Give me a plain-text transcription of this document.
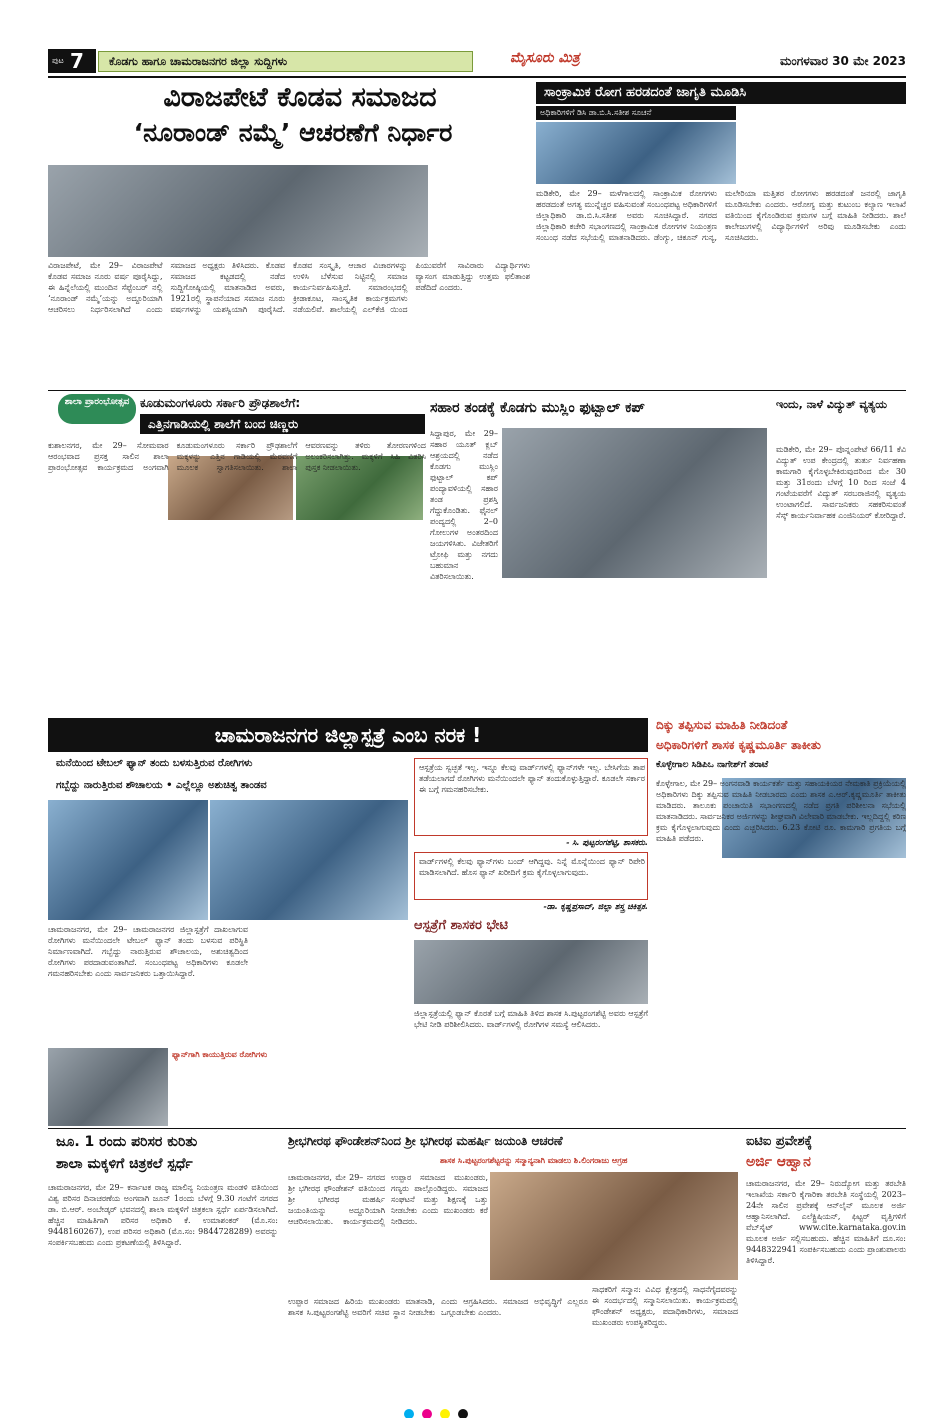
ಪುಟ 7 ಕೊಡಗು ಹಾಗೂ ಚಾಮರಾಜನಗರ ಜಿಲ್ಲಾ ಸುದ್ದಿಗಳು	ಮೈಸೂರು ಮಿತ್ರ	ಮಂಗಳವಾರ 30 ಮೇ 2023
ವಿರಾಜಪೇಟೆ ಕೊಡವ ಸಮಾಜದ
‘ನೂರಾಂಡ್ ನಮ್ಮೆ’ ಆಚರಣೆಗೆ ನಿರ್ಧಾರ
ವಿರಾಜಪೇಟೆ, ಮೇ 29– ವಿರಾಜಪೇಟೆ ಕೊಡವ ಸಮಾಜ ನೂರು ವರ್ಷ ಪೂರೈಸಿದ್ದು, ಈ ಹಿನ್ನೆಲೆಯಲ್ಲಿ ಮುಂದಿನ ಸೆಪ್ಟೆಂಬರ್ ನಲ್ಲಿ ‘ನೂರಾಂಡ್ ನಮ್ಮೆ’ಯನ್ನು ಅದ್ದೂರಿಯಾಗಿ ಆಚರಿಸಲು ನಿರ್ಧರಿಸಲಾಗಿದೆ ಎಂದು ಸಮಾಜದ ಅಧ್ಯಕ್ಷರು ತಿಳಿಸಿದರು. ಕೊಡವ ಸಮಾಜದ ಕಟ್ಟಡದಲ್ಲಿ ನಡೆದ ಸುದ್ದಿಗೋಷ್ಠಿಯಲ್ಲಿ ಮಾತನಾಡಿದ ಅವರು, 1921ರಲ್ಲಿ ಸ್ಥಾಪನೆಯಾದ ಸಮಾಜ ನೂರು ವರ್ಷಗಳನ್ನು ಯಶಸ್ವಿಯಾಗಿ ಪೂರೈಸಿದೆ. ಕೊಡವ ಸಂಸ್ಕೃತಿ, ಆಚಾರ ವಿಚಾರಗಳನ್ನು ಉಳಿಸಿ ಬೆಳೆಸುವ ನಿಟ್ಟಿನಲ್ಲಿ ಸಮಾಜ ಕಾರ್ಯನಿರ್ವಹಿಸುತ್ತಿದೆ. ಸಮಾರಂಭದಲ್ಲಿ ಕ್ರೀಡಾಕೂಟ, ಸಾಂಸ್ಕೃತಿಕ ಕಾರ್ಯಕ್ರಮಗಳು ನಡೆಯಲಿವೆ. ಶಾಲೆಯಲ್ಲಿ ಎಲ್‌ಕೆಜಿ ಯಿಂದ ಪಿಯುವರೆಗೆ ಸಾವಿರಾರು ವಿದ್ಯಾರ್ಥಿಗಳು ವ್ಯಾಸಂಗ ಮಾಡುತ್ತಿದ್ದು ಉತ್ತಮ ಫಲಿತಾಂಶ ಪಡೆದಿದೆ ಎಂದರು.
ಸಾಂಕ್ರಾಮಿಕ ರೋಗ ಹರಡದಂತೆ ಜಾಗೃತಿ ಮೂಡಿಸಿ
ಅಧಿಕಾರಿಗಳಿಗೆ ಡಿಸಿ ಡಾ.ಬಿ.ಸಿ.ಸತೀಶ ಸೂಚನೆ
ಮಡಿಕೇರಿ, ಮೇ 29– ಮಳೆಗಾಲದಲ್ಲಿ ಸಾಂಕ್ರಾಮಿಕ ರೋಗಗಳು ಹರಡದಂತೆ ಅಗತ್ಯ ಮುನ್ನೆಚ್ಚರ ವಹಿಸುವಂತೆ ಸಂಬಂಧಪಟ್ಟ ಅಧಿಕಾರಿಗಳಿಗೆ ಜಿಲ್ಲಾಧಿಕಾರಿ ಡಾ.ಬಿ.ಸಿ.ಸತೀಶ ಅವರು ಸೂಚಿಸಿದ್ದಾರೆ. ನಗರದ ಜಿಲ್ಲಾಧಿಕಾರಿ ಕಚೇರಿ ಸಭಾಂಗಣದಲ್ಲಿ ಸಾಂಕ್ರಾಮಿಕ ರೋಗಗಳ ನಿಯಂತ್ರಣ ಸಂಬಂಧ ನಡೆದ ಸಭೆಯಲ್ಲಿ ಮಾತನಾಡಿದರು. ಡೆಂಗ್ಯು, ಚಿಕೂನ್ ಗುನ್ಯ, ಮಲೇರಿಯಾ ಮತ್ತಿತರ ರೋಗಗಳು ಹರಡದಂತೆ ಜನರಲ್ಲಿ ಜಾಗೃತಿ ಮೂಡಿಸಬೇಕು ಎಂದರು. ಆರೋಗ್ಯ ಮತ್ತು ಕುಟುಂಬ ಕಲ್ಯಾಣ ಇಲಾಖೆ ವತಿಯಿಂದ ಕೈಗೊಂಡಿರುವ ಕ್ರಮಗಳ ಬಗ್ಗೆ ಮಾಹಿತಿ ನೀಡಿದರು. ಶಾಲೆ ಕಾಲೇಜುಗಳಲ್ಲಿ ವಿದ್ಯಾರ್ಥಿಗಳಿಗೆ ಅರಿವು ಮೂಡಿಸಬೇಕು ಎಂದು ಸೂಚಿಸಿದರು.
ಶಾಲಾ ಪ್ರಾರಂಭೋತ್ಸವ ಕೂಡುಮಂಗಳೂರು ಸರ್ಕಾರಿ ಪ್ರೌಢಶಾಲೆಗೆ:
ಎತ್ತಿನಗಾಡಿಯಲ್ಲಿ ಶಾಲೆಗೆ ಬಂದ ಚಿಣ್ಣರು
ಕುಶಾಲನಗರ, ಮೇ 29– ಸೋಮವಾರ ಆರಂಭವಾದ ಪ್ರಸಕ್ತ ಸಾಲಿನ ಶಾಲಾ ಪ್ರಾರಂಭೋತ್ಸವ ಕಾರ್ಯಕ್ರಮದ ಅಂಗವಾಗಿ ಕೂಡುಮಂಗಳೂರು ಸರ್ಕಾರಿ ಪ್ರೌಢಶಾಲೆಗೆ ಮಕ್ಕಳನ್ನು ಎತ್ತಿನ ಗಾಡಿಯಲ್ಲಿ ಮೆರವಣಿಗೆ ಮೂಲಕ ಸ್ವಾಗತಿಸಲಾಯಿತು. ಶಾಲಾ ಆವರಣವನ್ನು ತಳಿರು ತೋರಣಗಳಿಂದ ಅಲಂಕರಿಸಲಾಗಿತ್ತು. ಮಕ್ಕಳಿಗೆ ಸಿಹಿ ವಿತರಿಸಿ ಪುಸ್ತಕ ನೀಡಲಾಯಿತು.
ಸಹಾರ ತಂಡಕ್ಕೆ ಕೊಡಗು ಮುಸ್ಲಿಂ ಫುಟ್ಬಾಲ್ ಕಪ್
ಸಿದ್ದಾಪುರ, ಮೇ 29– ಸಹಾರ ಯೂತ್ ಕ್ಲಬ್ ಆಶ್ರಯದಲ್ಲಿ ನಡೆದ ಕೊಡಗು ಮುಸ್ಲಿಂ ಫುಟ್ಬಾಲ್ ಕಪ್ ಪಂದ್ಯಾವಳಿಯಲ್ಲಿ ಸಹಾರ ತಂಡ ಪ್ರಶಸ್ತಿ ಗೆದ್ದುಕೊಂಡಿತು. ಫೈನಲ್ ಪಂದ್ಯದಲ್ಲಿ 2–0 ಗೋಲುಗಳ ಅಂತರದಿಂದ ಜಯಗಳಿಸಿತು. ವಿಜೇತರಿಗೆ ಟ್ರೋಫಿ ಮತ್ತು ನಗದು ಬಹುಮಾನ ವಿತರಿಸಲಾಯಿತು.
ಇಂದು, ನಾಳೆ ವಿದ್ಯುತ್ ವ್ಯತ್ಯಯ
ಮಡಿಕೇರಿ, ಮೇ 29– ಪೊನ್ನಂಪೇಟೆ 66/11 ಕೆವಿ ವಿದ್ಯುತ್ ಉಪ ಕೇಂದ್ರದಲ್ಲಿ ತುರ್ತು ನಿರ್ವಹಣಾ ಕಾಮಗಾರಿ ಕೈಗೊಳ್ಳಬೇಕಿರುವುದರಿಂದ ಮೇ 30 ಮತ್ತು 31ರಂದು ಬೆಳಗ್ಗೆ 10 ರಿಂದ ಸಂಜೆ 4 ಗಂಟೆಯವರೆಗೆ ವಿದ್ಯುತ್ ಸರಬರಾಜಿನಲ್ಲಿ ವ್ಯತ್ಯಯ ಉಂಟಾಗಲಿದೆ. ಸಾರ್ವಜನಿಕರು ಸಹಕರಿಸುವಂತೆ ಸೆಸ್ಕ್ ಕಾರ್ಯನಿರ್ವಾಹಕ ಎಂಜಿನಿಯರ್ ಕೋರಿದ್ದಾರೆ.
ಚಾಮರಾಜನಗರ ಜಿಲ್ಲಾಸ್ಪತ್ರೆ ಎಂಬ ನರಕ !
ಮನೆಯಿಂದ ಟೇಬಲ್ ಫ್ಯಾನ್ ತಂದು ಬಳಸುತ್ತಿರುವ ರೋಗಿಗಳು
ಗಬ್ಬೆದ್ದು ನಾರುತ್ತಿರುವ ಶೌಚಾಲಯ • ಎಲ್ಲೆಲ್ಲೂ ಅಶುಚಿತ್ವ ತಾಂಡವ
ಚಾಮರಾಜನಗರ, ಮೇ 29– ಚಾಮರಾಜನಗರ ಜಿಲ್ಲಾಸ್ಪತ್ರೆಗೆ ದಾಖಲಾಗುವ ರೋಗಿಗಳು ಮನೆಯಿಂದಲೇ ಟೇಬಲ್ ಫ್ಯಾನ್ ತಂದು ಬಳಸುವ ಪರಿಸ್ಥಿತಿ ನಿರ್ಮಾಣವಾಗಿದೆ. ಗಬ್ಬೆದ್ದು ನಾರುತ್ತಿರುವ ಶೌಚಾಲಯ, ಅಶುಚಿತ್ವದಿಂದ ರೋಗಿಗಳು ಪರದಾಡುವಂತಾಗಿದೆ. ಸಂಬಂಧಪಟ್ಟ ಅಧಿಕಾರಿಗಳು ಕೂಡಲೇ ಗಮನಹರಿಸಬೇಕು ಎಂದು ಸಾರ್ವಜನಿಕರು ಒತ್ತಾಯಿಸಿದ್ದಾರೆ.
ಫ್ಯಾನ್‌ಗಾಗಿ ಕಾಯುತ್ತಿರುವ ರೋಗಿಗಳು
ಆಸ್ಪತ್ರೆಯ ಸ್ವಚ್ಛತೆ ಇಲ್ಲ. ಇನ್ನೂ ಕೆಲವು ವಾರ್ಡ್‌ಗಳಲ್ಲಿ ಫ್ಯಾನ್‌ಗಳೇ ಇಲ್ಲ. ಬೇಸಿಗೆಯ ತಾಪ ತಡೆಯಲಾಗದೆ ರೋಗಿಗಳು ಮನೆಯಿಂದಲೇ ಫ್ಯಾನ್ ತಂದುಕೊಳ್ಳುತ್ತಿದ್ದಾರೆ. ಕೂಡಲೇ ಸರ್ಕಾರ ಈ ಬಗ್ಗೆ ಗಮನಹರಿಸಬೇಕು.
- ಸಿ. ಪುಟ್ಟರಂಗಶೆಟ್ಟಿ, ಶಾಸಕರು.
ವಾರ್ಡ್‌ಗಳಲ್ಲಿ ಕೆಲವು ಫ್ಯಾನ್‌ಗಳು ಬಂದ್ ಆಗಿದ್ದವು. ನಿನ್ನೆ ಮೊನ್ನೆಯಿಂದ ಫ್ಯಾನ್ ರಿಪೇರಿ ಮಾಡಿಸಲಾಗಿದೆ. ಹೊಸ ಫ್ಯಾನ್ ಖರೀದಿಗೆ ಕ್ರಮ ಕೈಗೊಳ್ಳಲಾಗುವುದು.
-ಡಾ. ಕೃಷ್ಣಪ್ರಸಾದ್, ಜಿಲ್ಲಾ ಶಸ್ತ್ರ ಚಿಕಿತ್ಸಕ.
ಆಸ್ಪತ್ರೆಗೆ ಶಾಸಕರ ಭೇಟಿ
ಜಿಲ್ಲಾಸ್ಪತ್ರೆಯಲ್ಲಿ ಫ್ಯಾನ್ ಕೊರತೆ ಬಗ್ಗೆ ಮಾಹಿತಿ ತಿಳಿದ ಶಾಸಕ ಸಿ.ಪುಟ್ಟರಂಗಶೆಟ್ಟಿ ಅವರು ಆಸ್ಪತ್ರೆಗೆ ಭೇಟಿ ನೀಡಿ ಪರಿಶೀಲಿಸಿದರು. ವಾರ್ಡ್‌ಗಳಲ್ಲಿ ರೋಗಿಗಳ ಸಮಸ್ಯೆ ಆಲಿಸಿದರು.
ದಿಕ್ಕು ತಪ್ಪಿಸುವ ಮಾಹಿತಿ ನೀಡಿದಂತೆ
ಅಧಿಕಾರಿಗಳಿಗೆ ಶಾಸಕ ಕೃಷ್ಣಮೂರ್ತಿ ತಾಕೀತು
ಕೊಳ್ಳೇಗಾಲ ಸಿಡಿಪಿಒ ನಾಗೇಶ್‌ಗೆ ತರಾಟೆ
ಕೊಳ್ಳೇಗಾಲ, ಮೇ 29– ಅಂಗನವಾಡಿ ಕಾರ್ಯಕರ್ತೆ ಮತ್ತು ಸಹಾಯಕಿಯರ ನೇಮಕಾತಿ ಪ್ರಕ್ರಿಯೆಯಲ್ಲಿ ಅಧಿಕಾರಿಗಳು ದಿಕ್ಕು ತಪ್ಪಿಸುವ ಮಾಹಿತಿ ನೀಡಬಾರದು ಎಂದು ಶಾಸಕ ಎ.ಆರ್.ಕೃಷ್ಣಮೂರ್ತಿ ತಾಕೀತು ಮಾಡಿದರು. ತಾಲೂಕು ಪಂಚಾಯಿತಿ ಸಭಾಂಗಣದಲ್ಲಿ ನಡೆದ ಪ್ರಗತಿ ಪರಿಶೀಲನಾ ಸಭೆಯಲ್ಲಿ ಮಾತನಾಡಿದರು. ಸಾರ್ವಜನಿಕರ ಅರ್ಜಿಗಳನ್ನು ಶೀಘ್ರವಾಗಿ ವಿಲೇವಾರಿ ಮಾಡಬೇಕು. ಇಲ್ಲದಿದ್ದಲ್ಲಿ ಕಠಿಣ ಕ್ರಮ ಕೈಗೊಳ್ಳಲಾಗುವುದು ಎಂದು ಎಚ್ಚರಿಸಿದರು. 6.23 ಕೋಟಿ ರೂ. ಕಾಮಗಾರಿ ಪ್ರಗತಿಯ ಬಗ್ಗೆ ಮಾಹಿತಿ ಪಡೆದರು.
ಜೂ. 1 ರಂದು ಪರಿಸರ ಕುರಿತು
ಶಾಲಾ ಮಕ್ಕಳಿಗೆ ಚಿತ್ರಕಲೆ ಸ್ಪರ್ಧೆ
ಚಾಮರಾಜನಗರ, ಮೇ 29– ಕರ್ನಾಟಕ ರಾಜ್ಯ ಮಾಲಿನ್ಯ ನಿಯಂತ್ರಣ ಮಂಡಳಿ ವತಿಯಿಂದ ವಿಶ್ವ ಪರಿಸರ ದಿನಾಚರಣೆಯ ಅಂಗವಾಗಿ ಜೂನ್ 1ರಂದು ಬೆಳಗ್ಗೆ 9.30 ಗಂಟೆಗೆ ನಗರದ ಡಾ. ಬಿ.ಆರ್. ಅಂಬೇಡ್ಕರ್ ಭವನದಲ್ಲಿ ಶಾಲಾ ಮಕ್ಕಳಿಗೆ ಚಿತ್ರಕಲಾ ಸ್ಪರ್ಧೆ ಏರ್ಪಡಿಸಲಾಗಿದೆ. ಹೆಚ್ಚಿನ ಮಾಹಿತಿಗಾಗಿ ಪರಿಸರ ಅಧಿಕಾರಿ ಕೆ. ಉಮಾಶಂಕರ್ (ಮೊ.ಸಂ: 9448160267), ಉಪ ಪರಿಸರ ಅಧಿಕಾರಿ (ಮೊ.ಸಂ: 9844728289) ಅವರನ್ನು ಸಂಪರ್ಕಿಸಬಹುದು ಎಂದು ಪ್ರಕಟಣೆಯಲ್ಲಿ ತಿಳಿಸಿದ್ದಾರೆ.
ಶ್ರೀಭಗೀರಥ ಫೌಂಡೇಶನ್‌ನಿಂದ ಶ್ರೀ ಭಗೀರಥ ಮಹರ್ಷಿ ಜಯಂತಿ ಆಚರಣೆ
ಶಾಸಕ ಸಿ.ಪುಟ್ಟರಂಗಶೆಟ್ಟರನ್ನು ಸನ್ಮಾನ್ಯನಾಗಿ ಮಾಡಲು ಶಿ.ಲಿಂಗರಾಜು ಆಗ್ರಹ
ಚಾಮರಾಜನಗರ, ಮೇ 29– ನಗರದ ಶ್ರೀ ಭಗೀರಥ ಫೌಂಡೇಶನ್ ವತಿಯಿಂದ ಶ್ರೀ ಭಗೀರಥ ಮಹರ್ಷಿ ಜಯಂತಿಯನ್ನು ಅದ್ದೂರಿಯಾಗಿ ಆಚರಿಸಲಾಯಿತು. ಕಾರ್ಯಕ್ರಮದಲ್ಲಿ ಉಪ್ಪಾರ ಸಮಾಜದ ಮುಖಂಡರು, ಗಣ್ಯರು ಪಾಲ್ಗೊಂಡಿದ್ದರು. ಸಮಾಜದ ಸಂಘಟನೆ ಮತ್ತು ಶಿಕ್ಷಣಕ್ಕೆ ಒತ್ತು ನೀಡಬೇಕು ಎಂದು ಮುಖಂಡರು ಕರೆ ನೀಡಿದರು.
ಉಪ್ಪಾರ ಸಮಾಜದ ಹಿರಿಯ ಮುಖಂಡರು ಮಾತನಾಡಿ, ಶಾಸಕ ಸಿ.ಪುಟ್ಟರಂಗಶೆಟ್ಟಿ ಅವರಿಗೆ ಸಚಿವ ಸ್ಥಾನ ನೀಡಬೇಕು ಎಂದು ಆಗ್ರಹಿಸಿದರು. ಸಮಾಜದ ಅಭಿವೃದ್ಧಿಗೆ ಎಲ್ಲರೂ ಒಗ್ಗೂಡಬೇಕು ಎಂದರು.
ಸಾಧಕರಿಗೆ ಸನ್ಮಾನ: ವಿವಿಧ ಕ್ಷೇತ್ರದಲ್ಲಿ ಸಾಧನೆಗೈದವರನ್ನು ಈ ಸಂದರ್ಭದಲ್ಲಿ ಸನ್ಮಾನಿಸಲಾಯಿತು. ಕಾರ್ಯಕ್ರಮದಲ್ಲಿ ಫೌಂಡೇಶನ್ ಅಧ್ಯಕ್ಷರು, ಪದಾಧಿಕಾರಿಗಳು, ಸಮಾಜದ ಮುಖಂಡರು ಉಪಸ್ಥಿತರಿದ್ದರು.
ಐಟಿಐ ಪ್ರವೇಶಕ್ಕೆ
ಅರ್ಜಿ ಆಹ್ವಾನ
ಚಾಮರಾಜನಗರ, ಮೇ 29– ನಿರುದ್ಯೋಗ ಮತ್ತು ತರಬೇತಿ ಇಲಾಖೆಯ ಸರ್ಕಾರಿ ಕೈಗಾರಿಕಾ ತರಬೇತಿ ಸಂಸ್ಥೆಯಲ್ಲಿ 2023–24ನೇ ಸಾಲಿನ ಪ್ರವೇಶಕ್ಕೆ ಆನ್‌ಲೈನ್ ಮೂಲಕ ಅರ್ಜಿ ಆಹ್ವಾನಿಸಲಾಗಿದೆ. ಎಲೆಕ್ಟ್ರಿಷಿಯನ್, ಫಿಟ್ಟರ್ ವೃತ್ತಿಗಳಿಗೆ ವೆಬ್‌ಸೈಟ್ www.cite.karnataka.gov.in ಮೂಲಕ ಅರ್ಜಿ ಸಲ್ಲಿಸಬಹುದು. ಹೆಚ್ಚಿನ ಮಾಹಿತಿಗೆ ದೂ.ಸಂ: 9448322941 ಸಂಪರ್ಕಿಸಬಹುದು ಎಂದು ಪ್ರಾಂಶುಪಾಲರು ತಿಳಿಸಿದ್ದಾರೆ.
